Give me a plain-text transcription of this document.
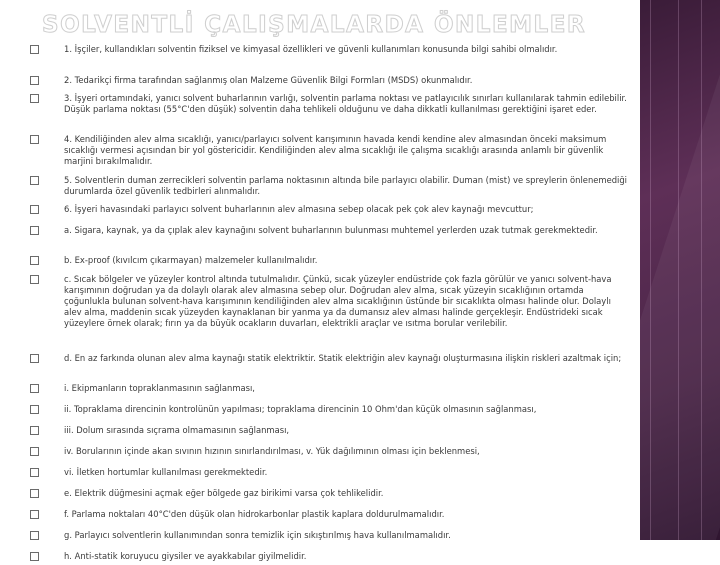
SOLVENTLİ ÇALIŞMALARDA ÖNLEMLER
1. İşçiler, kullandıkları solventin fiziksel ve kimyasal özellikleri ve güvenli kullanımları konusunda bilgi sahibi olmalıdır.
2. Tedarikçi firma tarafından sağlanmış olan Malzeme Güvenlik Bilgi Formları (MSDS) okunmalıdır.
3. İşyeri ortamındaki, yanıcı solvent buharlarının varlığı, solventin parlama noktası ve patlayıcılık sınırları kullanılarak tahmin edilebilir. Düşük parlama noktası (55°C'den düşük) solventin daha tehlikeli olduğunu ve daha dikkatli kullanılması gerektiğini işaret eder.
4. Kendiliğinden alev alma sıcaklığı, yanıcı/parlayıcı solvent karışımının havada kendi kendine alev almasından önceki maksimum sıcaklığı vermesi açısından bir yol göstericidir. Kendiliğinden alev alma sıcaklığı ile çalışma sıcaklığı arasında anlamlı bir güvenlik marjini bırakılmalıdır.
5. Solventlerin duman zerrecikleri solventin parlama noktasının altında bile parlayıcı olabilir. Duman (mist) ve spreylerin önlenemediği durumlarda özel güvenlik tedbirleri alınmalıdır.
6. İşyeri havasındaki parlayıcı solvent buharlarının alev almasına sebep olacak pek çok alev kaynağı mevcuttur;
a. Sigara, kaynak, ya da çıplak alev kaynağını solvent buharlarının bulunması muhtemel yerlerden uzak tutmak gerekmektedir.
b. Ex-proof (kıvılcım çıkarmayan) malzemeler kullanılmalıdır.
c. Sıcak bölgeler ve yüzeyler kontrol altında tutulmalıdır. Çünkü, sıcak yüzeyler endüstride çok fazla görülür ve yanıcı solvent-hava karışımının doğrudan ya da dolaylı olarak alev almasına sebep olur. Doğrudan alev alma, sıcak yüzeyin sıcaklığının ortamda çoğunlukla bulunan solvent-hava karışımının kendiliğinden alev alma sıcaklığının üstünde bir sıcaklıkta olması halinde olur. Dolaylı alev alma, maddenin sıcak yüzeyden kaynaklanan bir yanma ya da dumansız alev alması halinde gerçekleşir. Endüstrideki sıcak yüzeylere örnek olarak; fırın ya da büyük ocakların duvarları, elektrikli araçlar ve ısıtma borular verilebilir.
d. En az farkında olunan alev alma kaynağı statik elektriktir. Statik elektriğin alev kaynağı oluşturmasına ilişkin riskleri azaltmak için;
i. Ekipmanların topraklanmasının sağlanması,
ii. Topraklama direncinin kontrolünün yapılması; topraklama direncinin 10 Ohm'dan küçük olmasının sağlanması,
iii. Dolum sırasında sıçrama olmamasının sağlanması,
iv. Borularının içinde akan sıvının hızının sınırlandırılması, v. Yük dağılımının olması için beklenmesi,
vi. İletken hortumlar kullanılması gerekmektedir.
e. Elektrik düğmesini açmak eğer bölgede gaz birikimi varsa çok tehlikelidir.
f. Parlama noktaları 40°C'den düşük olan hidrokarbonlar plastik kaplara doldurulmamalıdır.
g. Parlayıcı solventlerin kullanımından sonra temizlik için sıkıştırılmış hava kullanılmamalıdır.
h. Anti-statik koruyucu giysiler ve ayakkabılar giyilmelidir.
